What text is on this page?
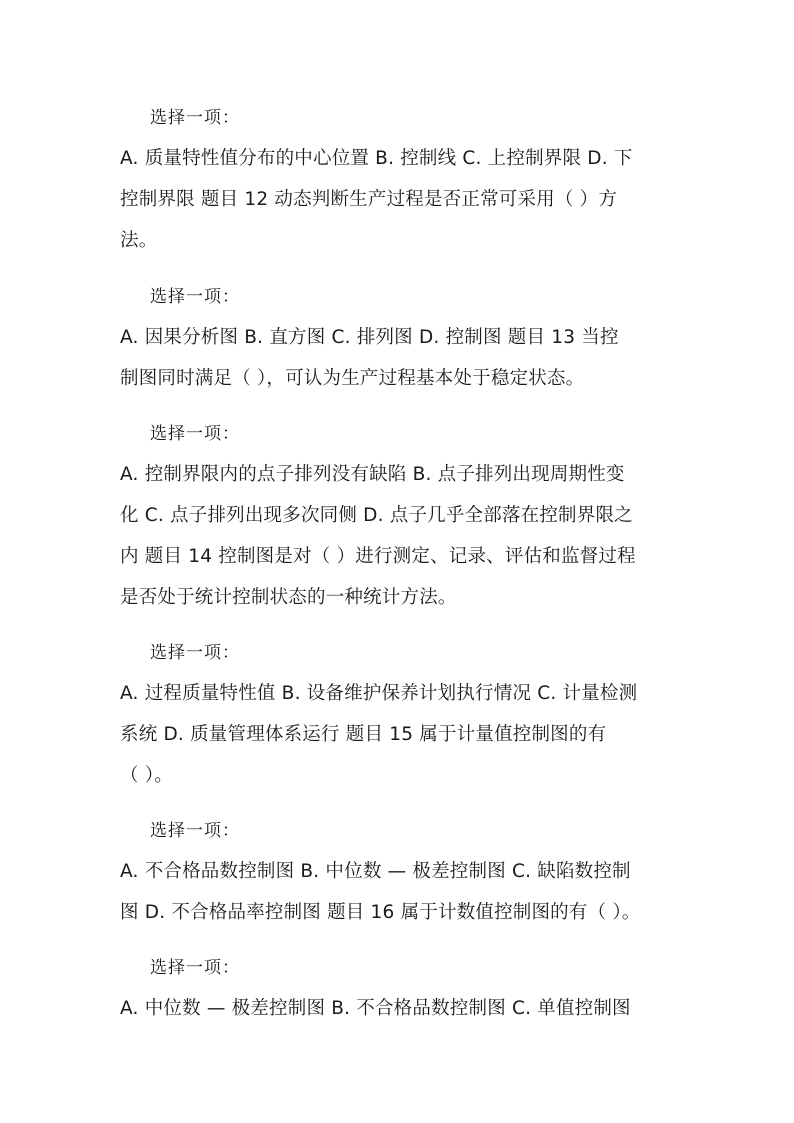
选择一项：
A. 质量特性值分布的中心位置 B. 控制线 C. 上控制界限 D. 下
控制界限 题目 12 动态判断生产过程是否正常可采用（ ）方
法。
选择一项：
A. 因果分析图 B. 直方图 C. 排列图 D. 控制图 题目 13 当控
制图同时满足（ ），可认为生产过程基本处于稳定状态。
选择一项：
A. 控制界限内的点子排列没有缺陷 B. 点子排列出现周期性变
化 C. 点子排列出现多次同侧 D. 点子几乎全部落在控制界限之
内 题目 14 控制图是对（ ）进行测定、记录、评估和监督过程
是否处于统计控制状态的一种统计方法。
选择一项：
A. 过程质量特性值 B. 设备维护保养计划执行情况 C. 计量检测
系统 D. 质量管理体系运行 题目 15 属于计量值控制图的有
（ ）。
选择一项：
A. 不合格品数控制图 B. 中位数 — 极差控制图 C. 缺陷数控制
图 D. 不合格品率控制图 题目 16 属于计数值控制图的有（ ）。
选择一项：
A. 中位数 — 极差控制图 B. 不合格品数控制图 C. 单值控制图
